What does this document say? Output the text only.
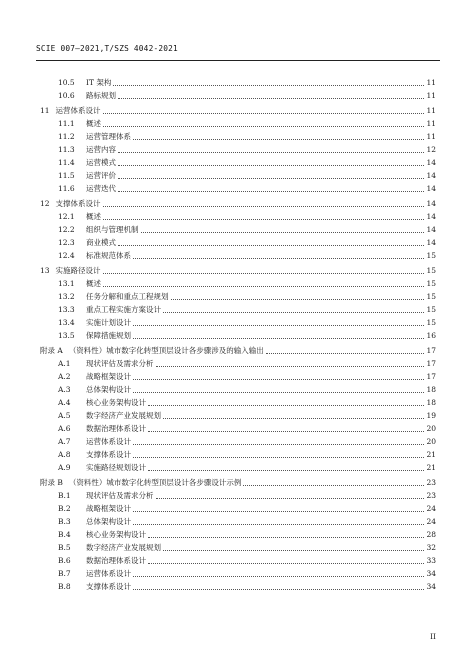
SCIE 007—2021,T/SZS 4042-2021
10.5	IT 架构	11
10.6	路标规划	11
11 运营体系设计	11
11.1	概述	11
11.2	运营管理体系	11
11.3	运营内容	12
11.4	运营模式	14
11.5	运营评价	14
11.6	运营迭代	14
12 支撑体系设计	14
12.1	概述	14
12.2	组织与管理机制	14
12.3	商业模式	14
12.4	标准规范体系	15
13 实施路径设计	15
13.1	概述	15
13.2	任务分解和重点工程规划	15
13.3	重点工程实施方案设计	15
13.4	实施计划设计	15
13.5	保障措施规划	16
附录 A （资料性）城市数字化转型顶层设计各步骤涉及的输入输出	17
A.1	现状评估及需求分析	17
A.2	战略框架设计	17
A.3	总体架构设计	18
A.4	核心业务架构设计	18
A.5	数字经济产业发展规划	19
A.6	数据治理体系设计	20
A.7	运营体系设计	20
A.8	支撑体系设计	21
A.9	实施路径规划设计	21
附录 B （资料性）城市数字化转型顶层设计各步骤设计示例	23
B.1	现状评估及需求分析	23
B.2	战略框架设计	24
B.3	总体架构设计	24
B.4	核心业务架构设计	28
B.5	数字经济产业发展规划	32
B.6	数据治理体系设计	33
B.7	运营体系设计	34
B.8	支撑体系设计	34
II
